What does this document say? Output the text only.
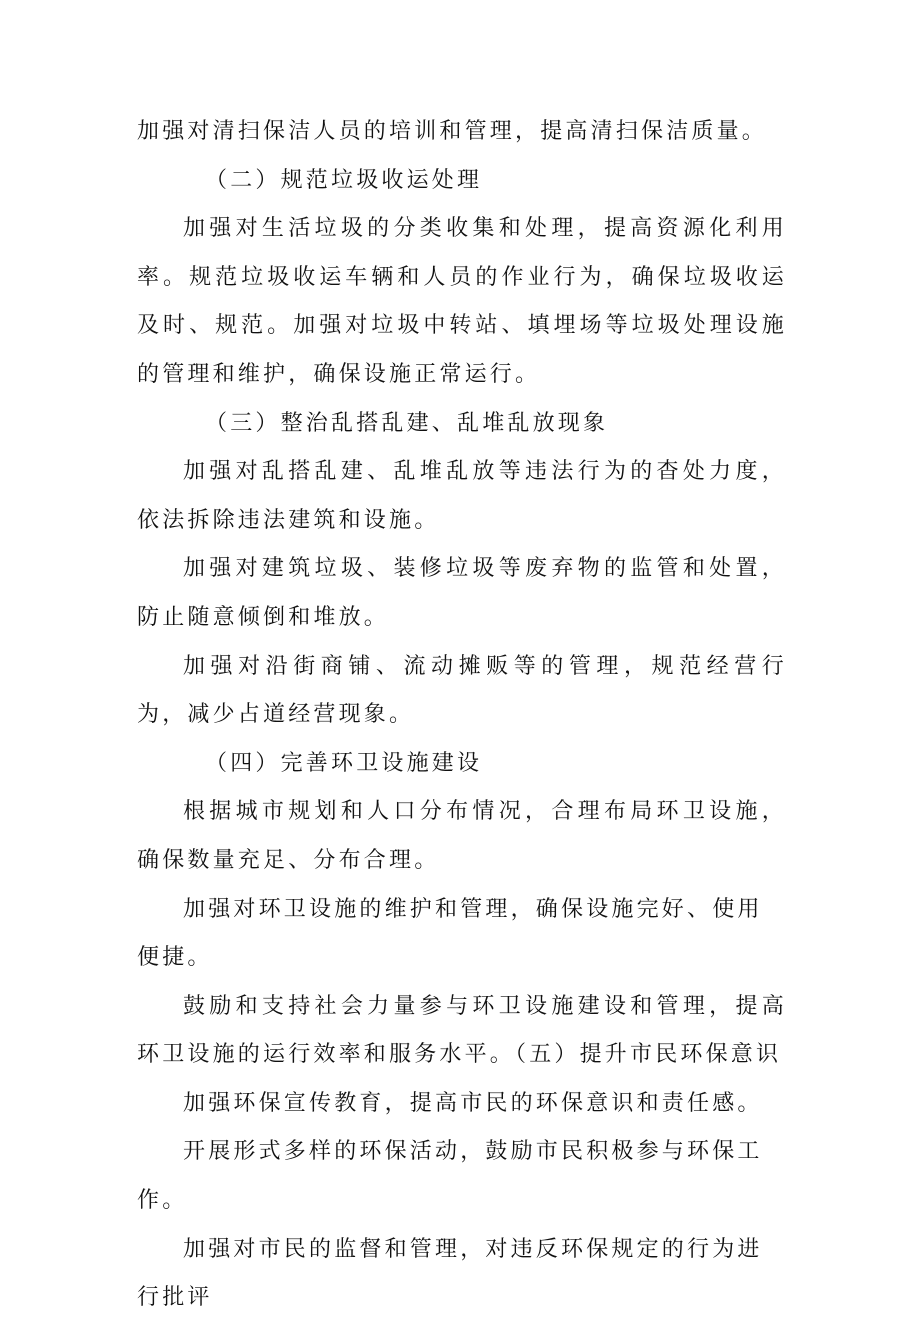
加强对清扫保洁人员的培训和管理，提高清扫保洁质量。

（二）规范垃圾收运处理

加强对生活垃圾的分类收集和处理，提高资源化利用率。规范垃圾收运车辆和人员的作业行为，确保垃圾收运及时、规范。加强对垃圾中转站、填埋场等垃圾处理设施的管理和维护，确保设施正常运行。

（三）整治乱搭乱建、乱堆乱放现象

加强对乱搭乱建、乱堆乱放等违法行为的杳处力度，依法拆除违法建筑和设施。

加强对建筑垃圾、装修垃圾等废弃物的监管和处置，防止随意倾倒和堆放。

加强对沿街商铺、流动摊贩等的管理，规范经营行为，减少占道经营现象。

（四）完善环卫设施建设

根据城市规划和人口分布情况，合理布局环卫设施，确保数量充足、分布合理。

加强对环卫设施的维护和管理，确保设施完好、使用便捷。

鼓励和支持社会力量参与环卫设施建设和管理，提高环卫设施的运行效率和服务水平。（五）提升市民环保意识

加强环保宣传教育，提高市民的环保意识和责任感。

开展形式多样的环保活动，鼓励市民积极参与环保工作。

加强对市民的监督和管理，对违反环保规定的行为进行批评
